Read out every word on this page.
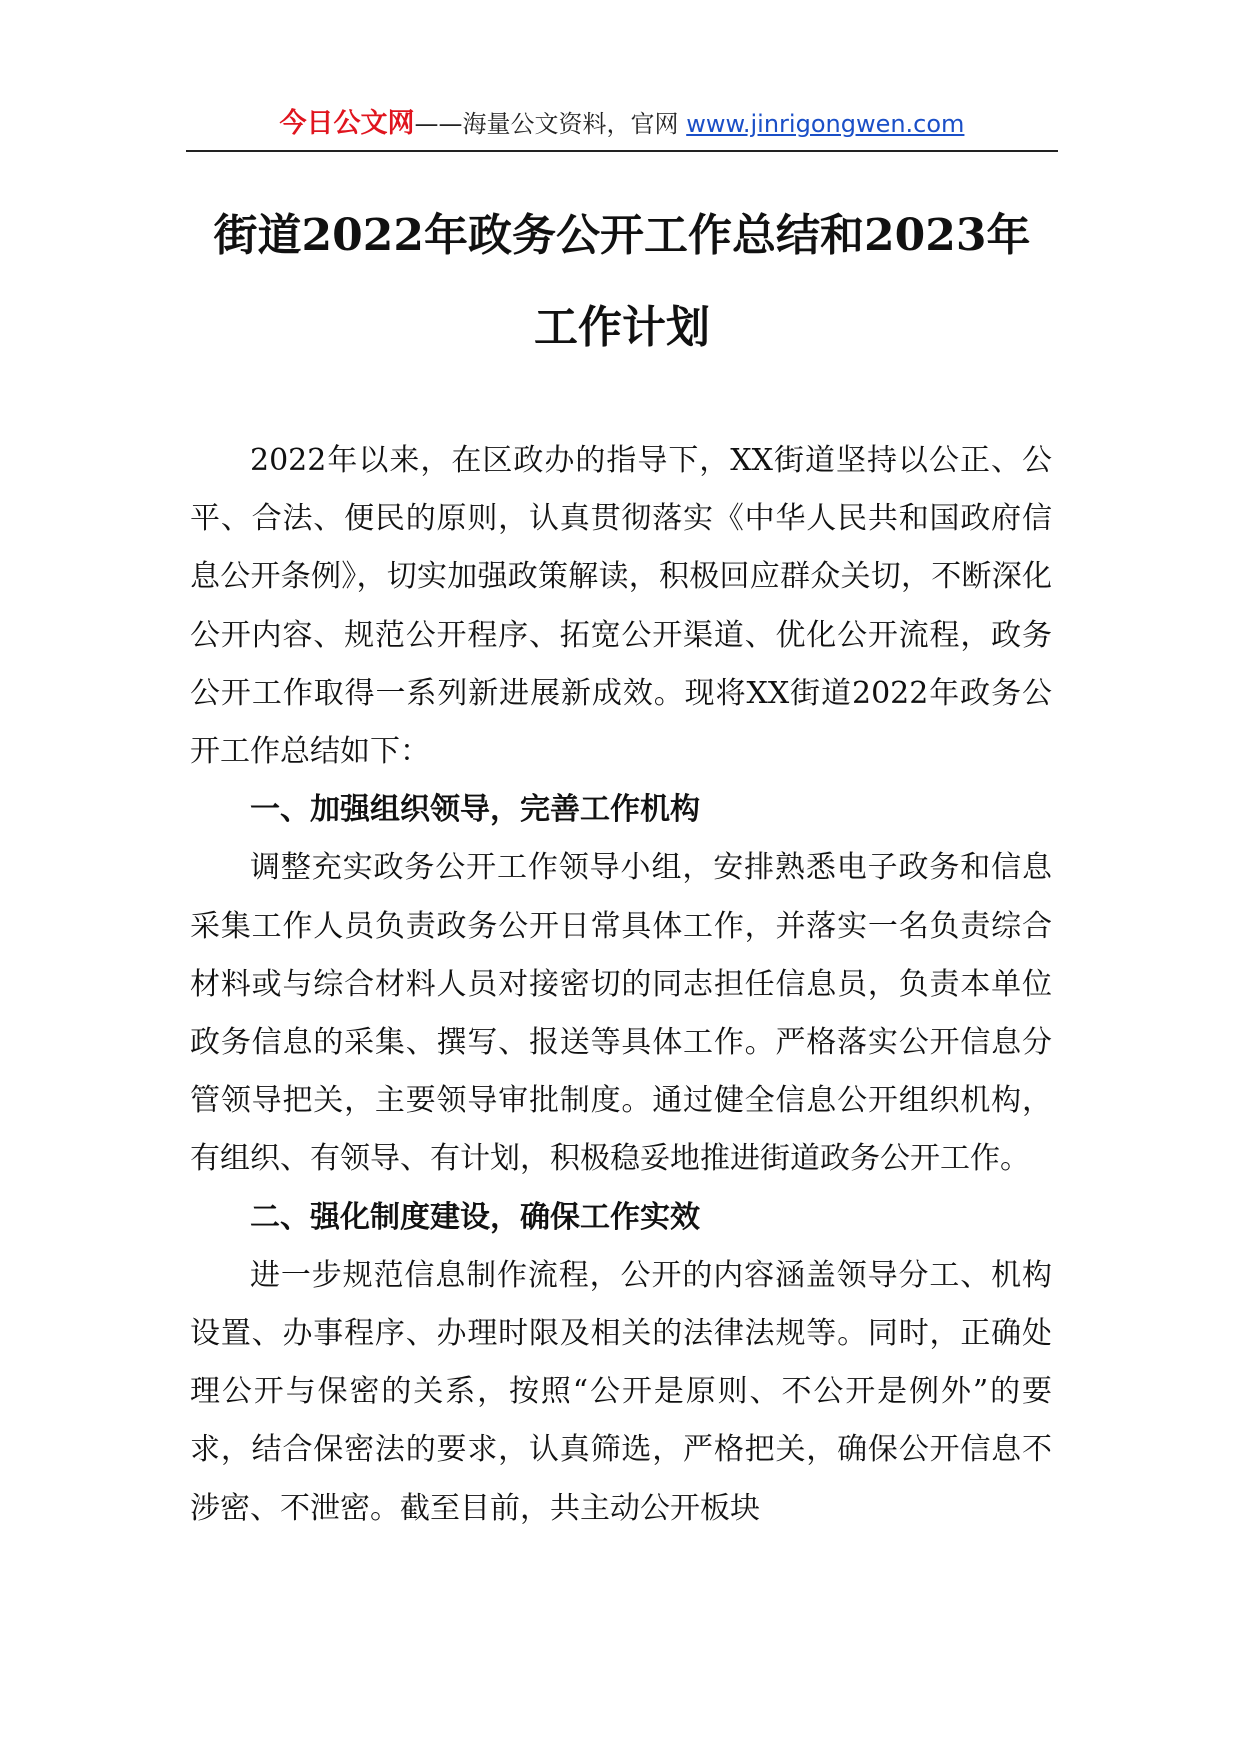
今日公文网——海量公文资料，官网 www.jinrigongwen.com
街道2022年政务公开工作总结和2023年
工作计划

2022年以来，在区政办的指导下，XX街道坚持以公正、公平、合法、便民的原则，认真贯彻落实《中华人民共和国政府信息公开条例》，切实加强政策解读，积极回应群众关切，不断深化公开内容、规范公开程序、拓宽公开渠道、优化公开流程，政务公开工作取得一系列新进展新成效。现将XX街道2022年政务公开工作总结如下：

一、加强组织领导，完善工作机构

调整充实政务公开工作领导小组，安排熟悉电子政务和信息采集工作人员负责政务公开日常具体工作，并落实一名负责综合材料或与综合材料人员对接密切的同志担任信息员，负责本单位政务信息的采集、撰写、报送等具体工作。严格落实公开信息分管领导把关，主要领导审批制度。通过健全信息公开组织机构，有组织、有领导、有计划，积极稳妥地推进街道政务公开工作。

二、强化制度建设，确保工作实效

进一步规范信息制作流程，公开的内容涵盖领导分工、机构设置、办事程序、办理时限及相关的法律法规等。同时，正确处理公开与保密的关系，按照“公开是原则、不公开是例外”的要求，结合保密法的要求，认真筛选，严格把关，确保公开信息不涉密、不泄密。截至目前，共主动公开板块
